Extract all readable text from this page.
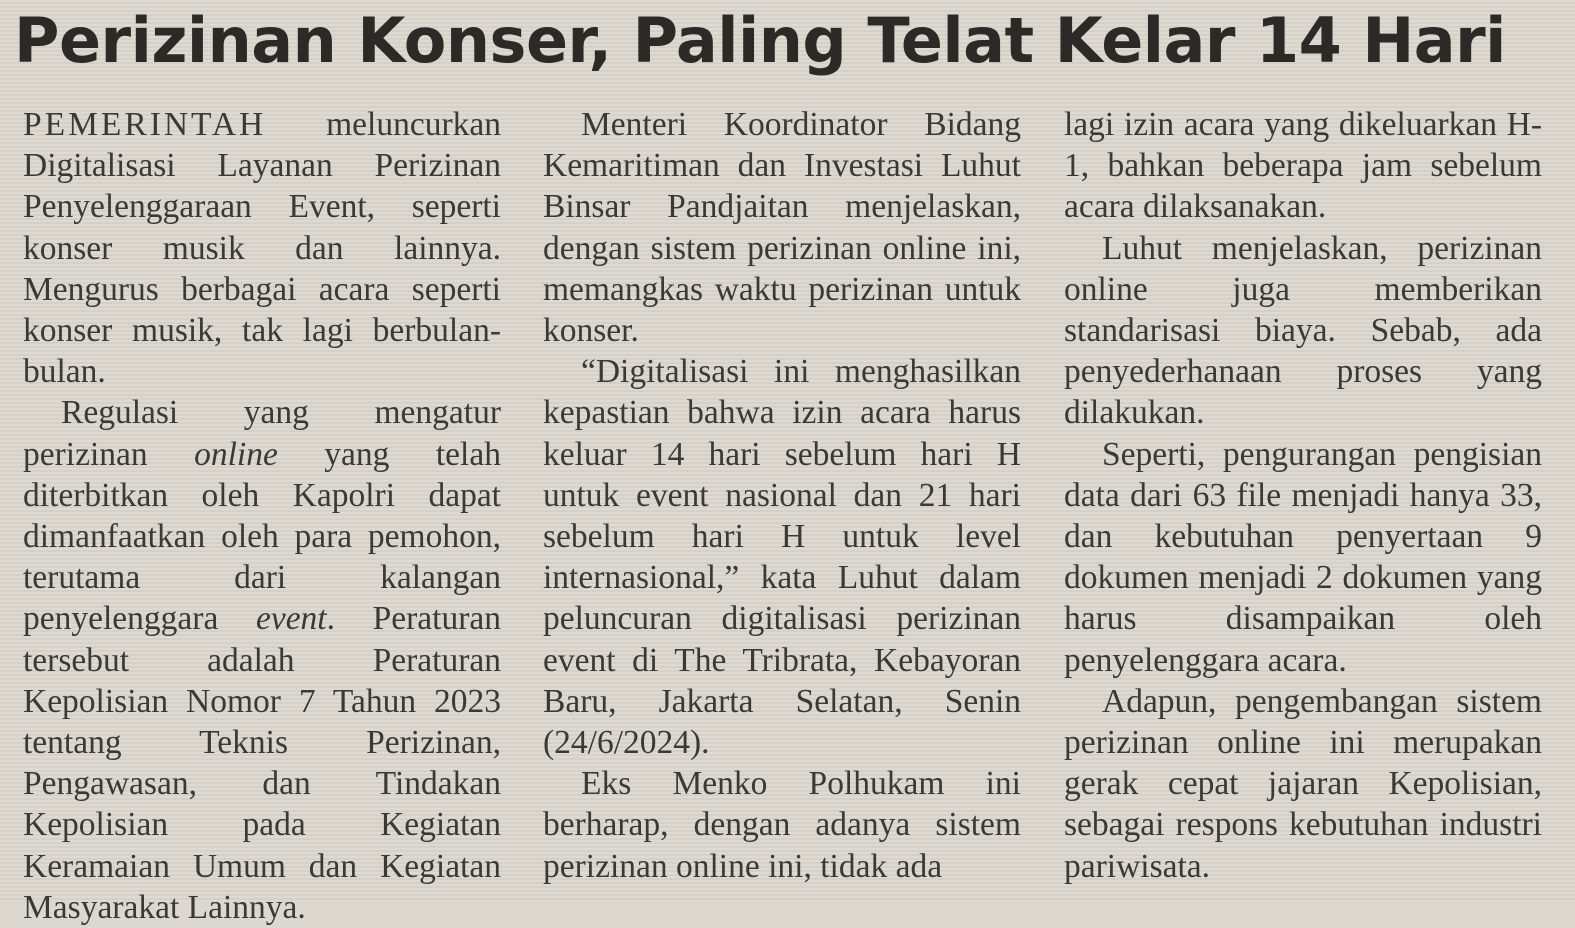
Perizinan Konser, Paling Telat Kelar 14 Hari

PEMERINTAH meluncurkan Digitalisasi Layanan Perizinan Penyelenggaraan Event, seperti konser musik dan lainnya. Mengurus berbagai acara seperti konser musik, tak lagi berbulan-bulan.

Regulasi yang mengatur perizinan online yang telah diterbitkan oleh Kapolri dapat dimanfaatkan oleh para pemohon, terutama dari kalangan penyelenggara event. Peraturan tersebut adalah Peraturan Kepolisian Nomor 7 Tahun 2023 tentang Teknis Perizinan, Pengawasan, dan Tindakan Kepolisian pada Kegiatan Keramaian Umum dan Kegiatan Masyarakat Lainnya.

Menteri Koordinator Bidang Kemaritiman dan Investasi Luhut Binsar Pandjaitan menjelaskan, dengan sistem perizinan online ini, memangkas waktu perizinan untuk konser.

“Digitalisasi ini menghasilkan kepastian bahwa izin acara harus keluar 14 hari sebelum hari H untuk event nasional dan 21 hari sebelum hari H untuk level internasional,” kata Luhut dalam peluncuran digitalisasi perizinan event di The Tribrata, Kebayoran Baru, Jakarta Selatan, Senin (24/6/2024).

Eks Menko Polhukam ini berharap, dengan adanya sistem perizinan online ini, tidak ada

lagi izin acara yang dikeluarkan H-1, bahkan beberapa jam sebelum acara dilaksanakan.

Luhut menjelaskan, perizinan online juga memberikan standarisasi biaya. Sebab, ada penyederhanaan proses yang dilakukan.

Seperti, pengurangan pengisian data dari 63 file menjadi hanya 33, dan kebutuhan penyertaan 9 dokumen menjadi 2 dokumen yang harus disampaikan oleh penyelenggara acara.

Adapun, pengembangan sistem perizinan online ini merupakan gerak cepat jajaran Kepolisian, sebagai respons kebutuhan industri pariwisata.
